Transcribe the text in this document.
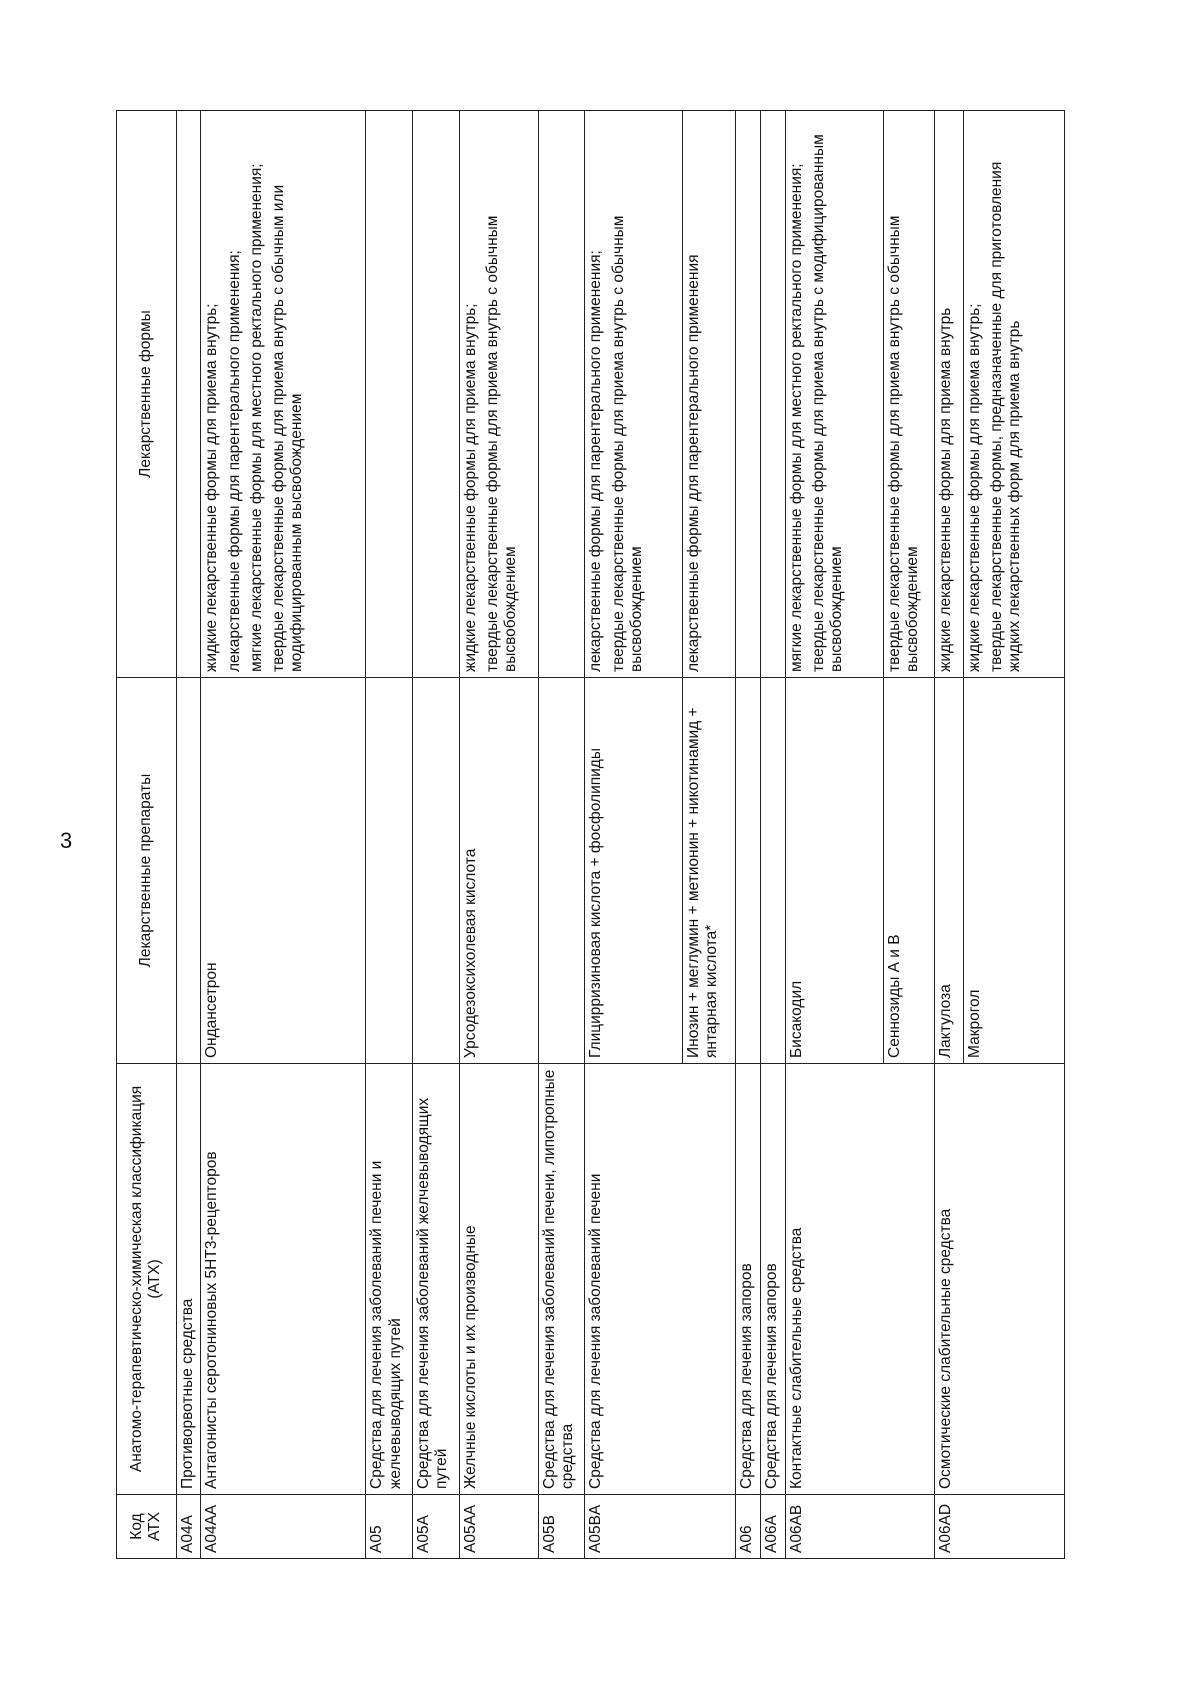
3
Код АТХ	Анатомо-терапевтическо-химическая классификация (АТХ)	Лекарственные препараты	Лекарственные формы
A04A	Противорвотные средства		
A04AA	Антагонисты серотониновых 5HT3-рецепторов	Ондансетрон	жидкие лекарственные формы для приема внутрь; лекарственные формы для парентерального применения; мягкие лекарственные формы для местного ректального применения; твердые лекарственные формы для приема внутрь с обычным или модифицированным высвобождением

A05	Средства для лечения заболеваний печени и желчевыводящих путей		
A05A	Средства для лечения заболеваний желчевыводящих путей		
A05AA	Желчные кислоты и их производные	Урсодезоксихолевая кислота	жидкие лекарственные формы для приема внутрь; твердые лекарственные формы для приема внутрь с обычным высвобождением

A05B	Средства для лечения заболеваний печени, липотропные средства		
A05BA	Средства для лечения заболеваний печени	Глицирризиновая кислота + фосфолипиды	лекарственные формы для парентерального применения; твердые лекарственные формы для приема внутрь с обычным высвобождением

		Инозин + меглумин + метионин + никотинамид + янтарная кислота*	лекарственные формы для парентерального применения

A06	Средства для лечения запоров		
A06A	Средства для лечения запоров		
A06AB	Контактные слабительные средства	Бисакодил	мягкие лекарственные формы для местного ректального применения; твердые лекарственные формы для приема внутрь с модифицированным высвобождением

		Сеннозиды А и В	твердые лекарственные формы для приема внутрь с обычным высвобождением

A06AD	Осмотические слабительные средства	Лактулоза	жидкие лекарственные формы для приема внутрь

		Макрогол	жидкие лекарственные формы для приема внутрь; твердые лекарственные формы, предназначенные для приготовления жидких лекарственных форм для приема внутрь
